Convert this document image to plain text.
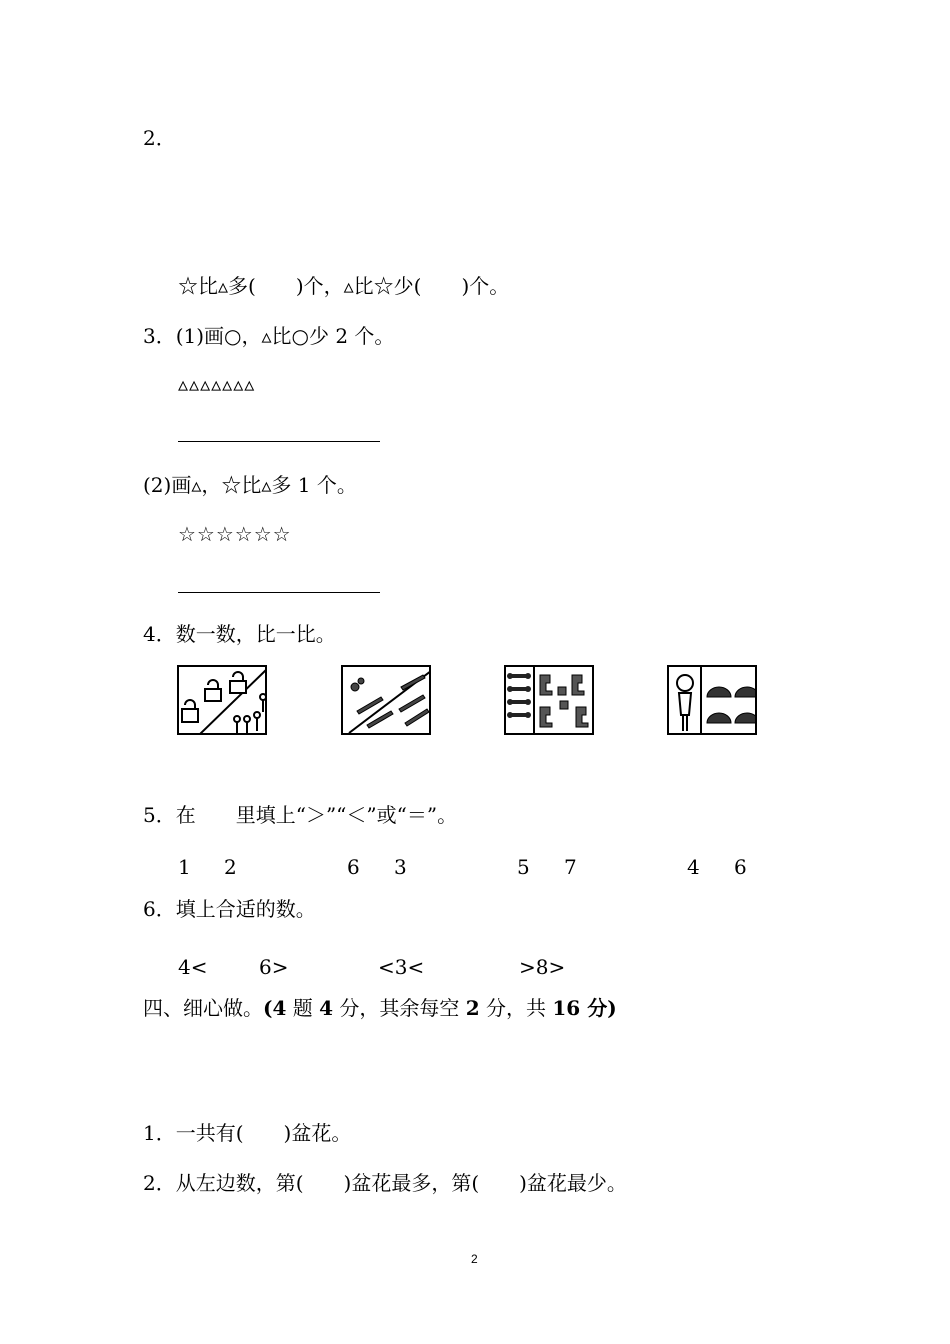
2．
☆比▵多(　　)个，▵比☆少(　　)个。
3．(1)画○，▵比○少 2 个。
▵▵▵▵▵▵▵
(2)画▵，☆比▵多 1 个。
☆☆☆☆☆☆
4．数一数，比一比。
5．在　　里填上“＞”“＜”或“＝”。
1 2	6 3	5 7	4 6
6．填上合适的数。
4<	6>	<3<	>8>
四、细心做。(4 题 4 分，其余每空 2 分，共 16 分)
1．一共有(　　)盆花。
2．从左边数，第(　　)盆花最多，第(　　)盆花最少。
2
